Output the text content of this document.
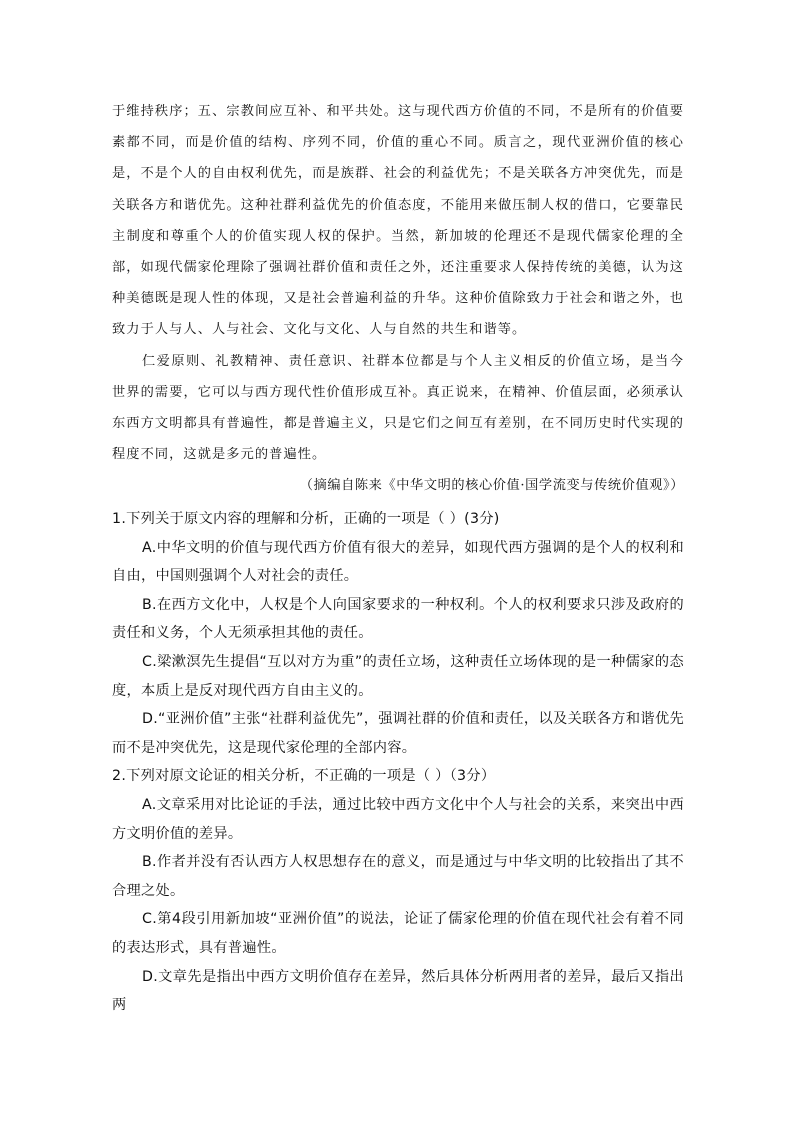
于维持秩序；五、宗教间应互补、和平共处。这与现代西方价值的不同，不是所有的价值要素都不同，而是价值的结构、序列不同，价值的重心不同。质言之，现代亚洲价值的核心是，不是个人的自由权利优先，而是族群、社会的利益优先；不是关联各方冲突优先，而是关联各方和谐优先。这种社群利益优先的价值态度，不能用来做压制人权的借口，它要靠民主制度和尊重个人的价值实现人权的保护。当然，新加坡的伦理还不是现代儒家伦理的全部，如现代儒家伦理除了强调社群价值和责任之外，还注重要求人保持传统的美德，认为这种美德既是现人性的体现，又是社会普遍利益的升华。这种价值除致力于社会和谐之外，也致力于人与人、人与社会、文化与文化、人与自然的共生和谐等。

仁爱原则、礼教精神、责任意识、社群本位都是与个人主义相反的价值立场，是当今世界的需要，它可以与西方现代性价值形成互补。真正说来，在精神、价值层面，必须承认东西方文明都具有普遍性，都是普遍主义，只是它们之间互有差别，在不同历史时代实现的程度不同，这就是多元的普遍性。

（摘编自陈来《中华文明的核心价值·国学流变与传统价值观》）

1.下列关于原文内容的理解和分析，正确的一项是（ ）(3分)

A.中华文明的价值与现代西方价值有很大的差异，如现代西方强调的是个人的权利和自由，中国则强调个人对社会的责任。

B.在西方文化中，人权是个人向国家要求的一种权利。个人的权利要求只涉及政府的责任和义务，个人无须承担其他的责任。

C.梁漱溟先生提倡“互以对方为重”的责任立场，这种责任立场体现的是一种儒家的态度，本质上是反对现代西方自由主义的。

D.“亚洲价值”主张“社群利益优先”，强调社群的价值和责任，以及关联各方和谐优先而不是冲突优先，这是现代家伦理的全部内容。

2.下列对原文论证的相关分析，不正确的一项是（ ）（3分）

A.文章采用对比论证的手法，通过比较中西方文化中个人与社会的关系，来突出中西方文明价值的差异。

B.作者并没有否认西方人权思想存在的意义，而是通过与中华文明的比较指出了其不合理之处。

C.第4段引用新加坡“亚洲价值”的说法，论证了儒家伦理的价值在现代社会有着不同的表达形式，具有普遍性。

D.文章先是指出中西方文明价值存在差异，然后具体分析两用者的差异，最后又指出两
